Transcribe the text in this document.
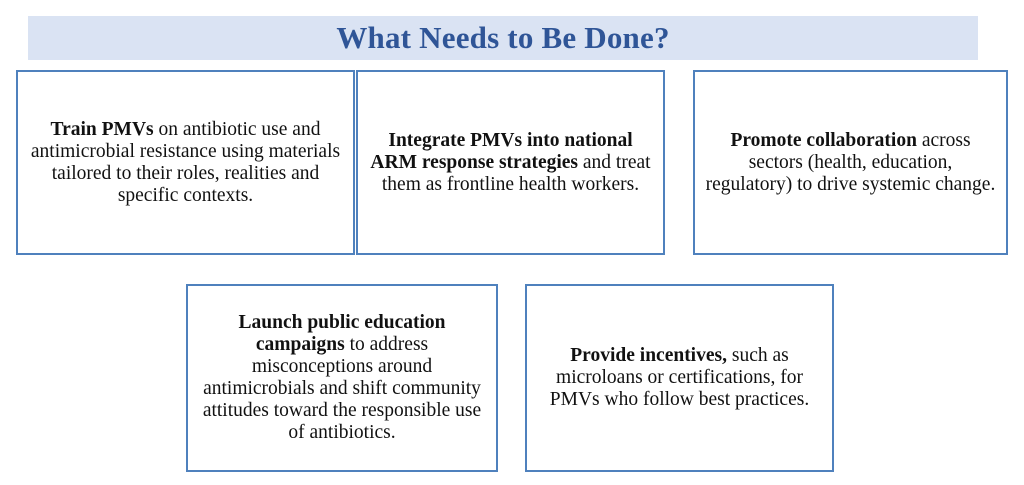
What Needs to Be Done?

Train PMVs on antibiotic use and antimicrobial resistance using materials tailored to their roles, realities and specific contexts.

Integrate PMVs into national ARM response strategies and treat them as frontline health workers.

Promote collaboration across sectors (health, education, regulatory) to drive systemic change.

Launch public education campaigns to address misconceptions around antimicrobials and shift community attitudes toward the responsible use of antibiotics.

Provide incentives, such as microloans or certifications, for PMVs who follow best practices.
